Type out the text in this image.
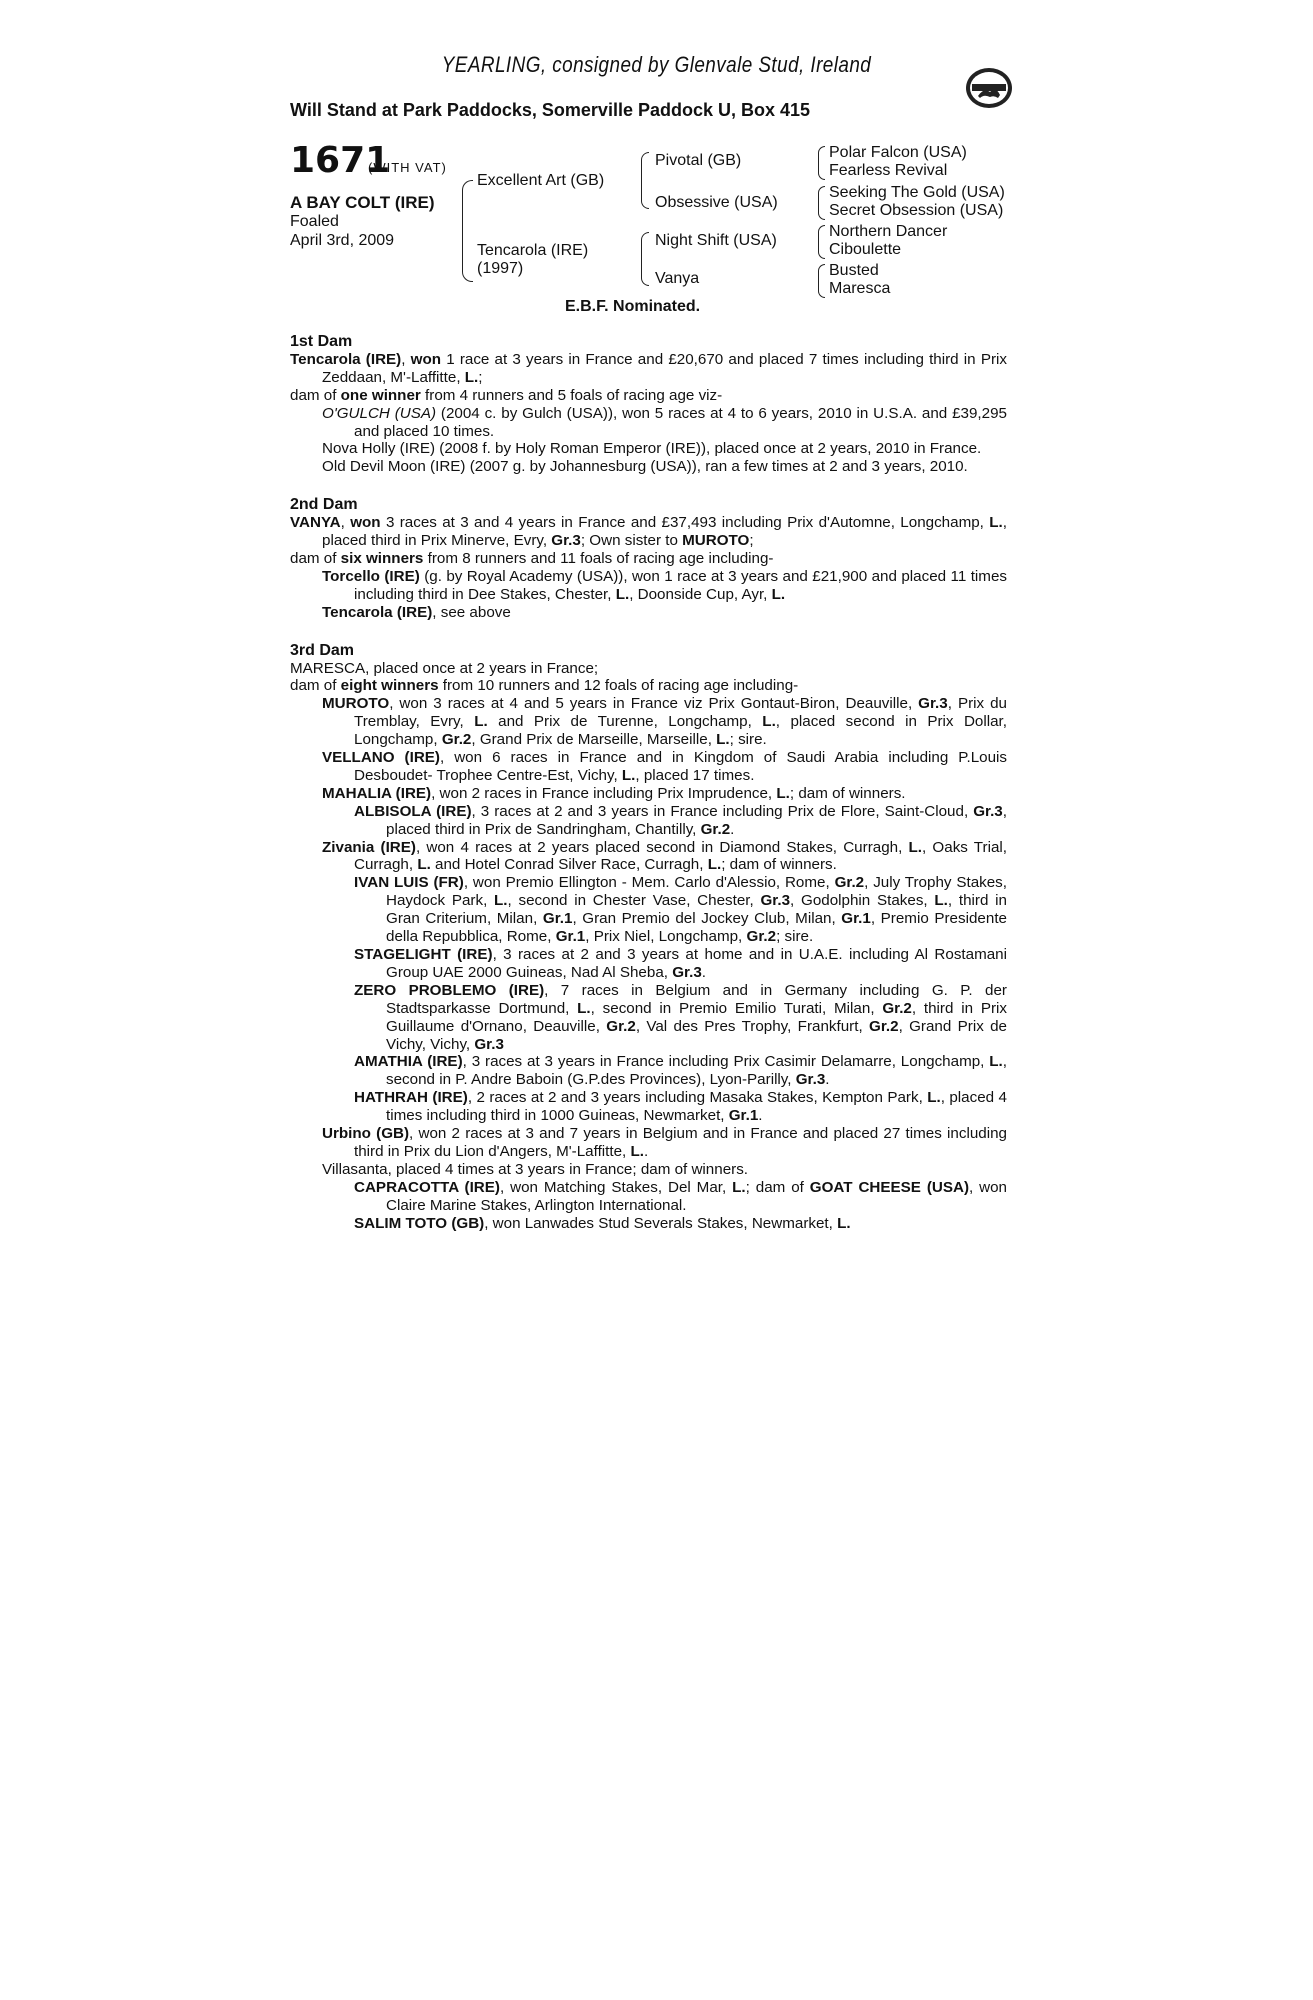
YEARLING, consigned by Glenvale Stud, Ireland
Will Stand at Park Paddocks, Somerville Paddock U, Box 415
1671
(WITH VAT)
A BAY COLT (IRE)
Foaled
April 3rd, 2009
Excellent Art (GB)
Tencarola (IRE)
(1997)
Pivotal (GB)
Obsessive (USA)
Night Shift (USA)
Vanya
Polar Falcon (USA)
Fearless Revival
Seeking The Gold (USA)
Secret Obsession (USA)
Northern Dancer
Ciboulette
Busted
Maresca
E.B.F. Nominated.
1st Dam
Tencarola (IRE), won 1 race at 3 years in France and £20,670 and placed 7 times including third in Prix Zeddaan, M'-Laffitte, L.;
dam of one winner from 4 runners and 5 foals of racing age viz-
O'GULCH (USA) (2004 c. by Gulch (USA)), won 5 races at 4 to 6 years, 2010 in U.S.A. and £39,295 and placed 10 times.
Nova Holly (IRE) (2008 f. by Holy Roman Emperor (IRE)), placed once at 2 years, 2010 in France.
Old Devil Moon (IRE) (2007 g. by Johannesburg (USA)), ran a few times at 2 and 3 years, 2010.
2nd Dam
VANYA, won 3 races at 3 and 4 years in France and £37,493 including Prix d'Automne, Longchamp, L., placed third in Prix Minerve, Evry, Gr.3; Own sister to MUROTO;
dam of six winners from 8 runners and 11 foals of racing age including-
Torcello (IRE) (g. by Royal Academy (USA)), won 1 race at 3 years and £21,900 and placed 11 times including third in Dee Stakes, Chester, L., Doonside Cup, Ayr, L.
Tencarola (IRE), see above
3rd Dam
MARESCA, placed once at 2 years in France;
dam of eight winners from 10 runners and 12 foals of racing age including-
MUROTO, won 3 races at 4 and 5 years in France viz Prix Gontaut-Biron, Deauville, Gr.3, Prix du Tremblay, Evry, L. and Prix de Turenne, Longchamp, L., placed second in Prix Dollar, Longchamp, Gr.2, Grand Prix de Marseille, Marseille, L.; sire.
VELLANO (IRE), won 6 races in France and in Kingdom of Saudi Arabia including P.Louis Desboudet- Trophee Centre-Est, Vichy, L., placed 17 times.
MAHALIA (IRE), won 2 races in France including Prix Imprudence, L.; dam of winners.
ALBISOLA (IRE), 3 races at 2 and 3 years in France including Prix de Flore, Saint-Cloud, Gr.3, placed third in Prix de Sandringham, Chantilly, Gr.2.
Zivania (IRE), won 4 races at 2 years placed second in Diamond Stakes, Curragh, L., Oaks Trial, Curragh, L. and Hotel Conrad Silver Race, Curragh, L.; dam of winners.
IVAN LUIS (FR), won Premio Ellington - Mem. Carlo d'Alessio, Rome, Gr.2, July Trophy Stakes, Haydock Park, L., second in Chester Vase, Chester, Gr.3, Godolphin Stakes, L., third in Gran Criterium, Milan, Gr.1, Gran Premio del Jockey Club, Milan, Gr.1, Premio Presidente della Repubblica, Rome, Gr.1, Prix Niel, Longchamp, Gr.2; sire.
STAGELIGHT (IRE), 3 races at 2 and 3 years at home and in U.A.E. including Al Rostamani Group UAE 2000 Guineas, Nad Al Sheba, Gr.3.
ZERO PROBLEMO (IRE), 7 races in Belgium and in Germany including G. P. der Stadtsparkasse Dortmund, L., second in Premio Emilio Turati, Milan, Gr.2, third in Prix Guillaume d'Ornano, Deauville, Gr.2, Val des Pres Trophy, Frankfurt, Gr.2, Grand Prix de Vichy, Vichy, Gr.3
AMATHIA (IRE), 3 races at 3 years in France including Prix Casimir Delamarre, Longchamp, L., second in P. Andre Baboin (G.P.des Provinces), Lyon-Parilly, Gr.3.
HATHRAH (IRE), 2 races at 2 and 3 years including Masaka Stakes, Kempton Park, L., placed 4 times including third in 1000 Guineas, Newmarket, Gr.1.
Urbino (GB), won 2 races at 3 and 7 years in Belgium and in France and placed 27 times including third in Prix du Lion d'Angers, M'-Laffitte, L..
Villasanta, placed 4 times at 3 years in France; dam of winners.
CAPRACOTTA (IRE), won Matching Stakes, Del Mar, L.; dam of GOAT CHEESE (USA), won Claire Marine Stakes, Arlington International.
SALIM TOTO (GB), won Lanwades Stud Severals Stakes, Newmarket, L.
